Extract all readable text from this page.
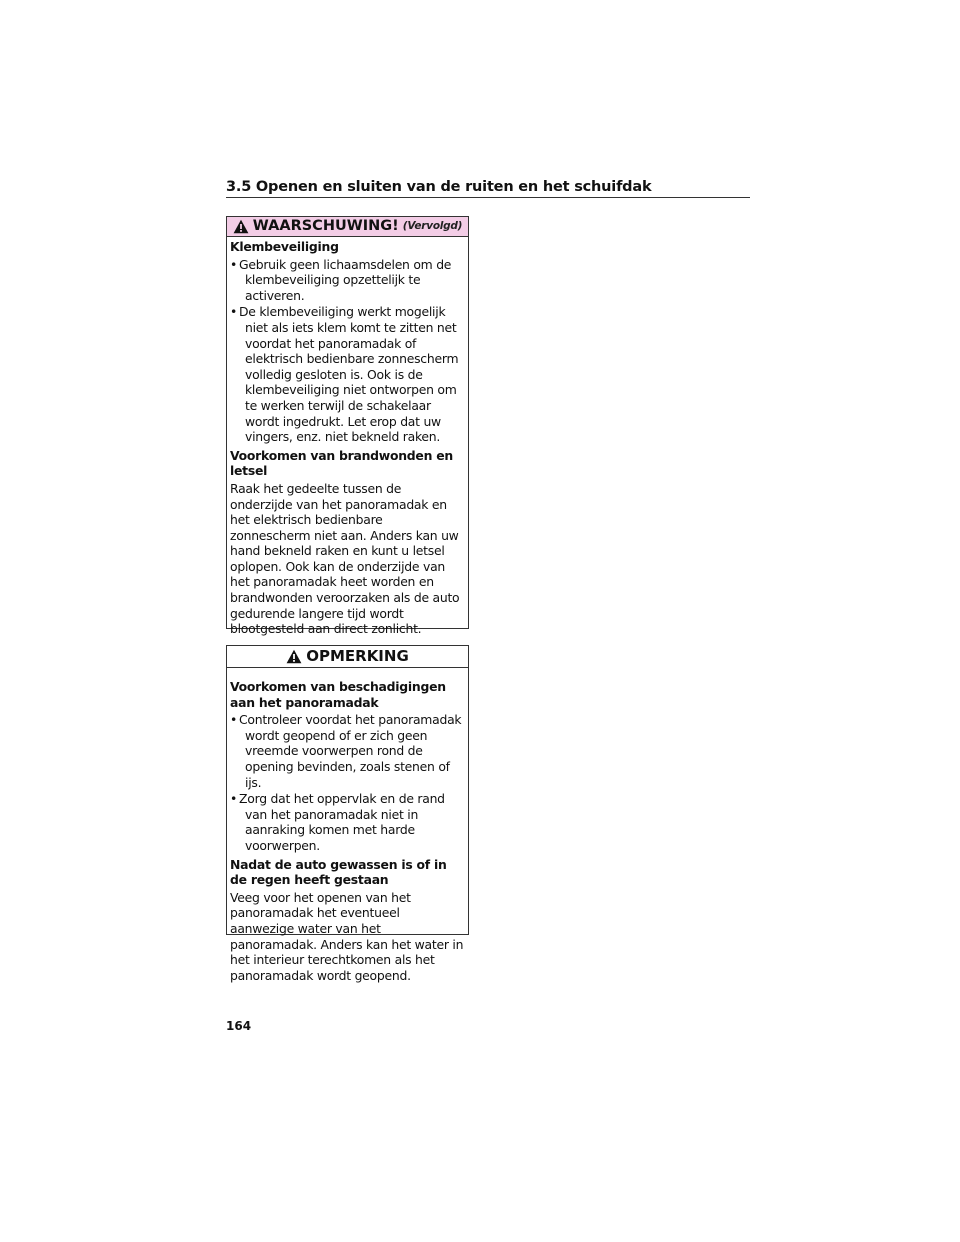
3.5 Openen en sluiten van de ruiten en het schuifdak
WAARSCHUWING! (Vervolgd)
Klembeveiliging
• Gebruik geen lichaamsdelen om de klembeveiliging opzettelijk te activeren.
• De klembeveiliging werkt mogelijk niet als iets klem komt te zitten net voordat het panoramadak of elektrisch bedienbare zonnescherm volledig gesloten is. Ook is de klembeveiliging niet ontworpen om te werken terwijl de schakelaar wordt ingedrukt. Let erop dat uw vingers, enz. niet bekneld raken.
Voorkomen van brandwonden en letsel

Raak het gedeelte tussen de onderzijde van het panoramadak en het elektrisch bedienbare zonnescherm niet aan. Anders kan uw hand bekneld raken en kunt u letsel oplopen. Ook kan de onderzijde van het panoramadak heet worden en brandwonden veroorzaken als de auto gedurende langere tijd wordt blootgesteld aan direct zonlicht.

OPMERKING
Voorkomen van beschadigingen aan het panoramadak
• Controleer voordat het panoramadak wordt geopend of er zich geen vreemde voorwerpen rond de opening bevinden, zoals stenen of ijs.
• Zorg dat het oppervlak en de rand van het panoramadak niet in aanraking komen met harde voorwerpen.
Nadat de auto gewassen is of in de regen heeft gestaan

Veeg voor het openen van het panoramadak het eventueel aanwezige water van het panoramadak. Anders kan het water in het interieur terechtkomen als het panoramadak wordt geopend.

164
